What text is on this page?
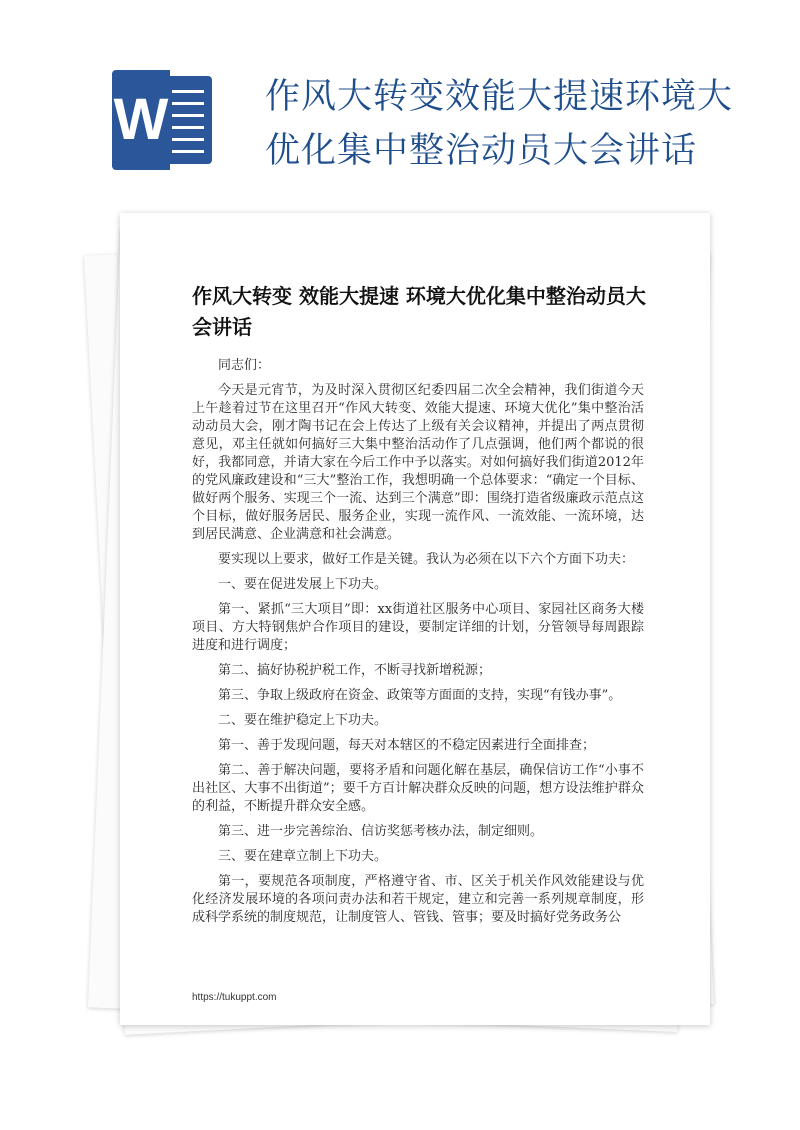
W	作风大转变效能大提速环境大优化集中整治动员大会讲话
作风大转变 效能大提速 环境大优化集中整治动员大会讲话

同志们：

今天是元宵节，为及时深入贯彻区纪委四届二次全会精神，我们街道今天上午趁着过节在这里召开“作风大转变、效能大提速、环境大优化”集中整治活动动员大会，刚才陶书记在会上传达了上级有关会议精神，并提出了两点贯彻意见，邓主任就如何搞好三大集中整治活动作了几点强调，他们两个都说的很好，我都同意，并请大家在今后工作中予以落实。对如何搞好我们街道2012年的党风廉政建设和“三大”整治工作，我想明确一个总体要求：“确定一个目标、做好两个服务、实现三个一流、达到三个满意”即：围绕打造省级廉政示范点这个目标，做好服务居民、服务企业，实现一流作风、一流效能、一流环境，达到居民满意、企业满意和社会满意。

要实现以上要求，做好工作是关键。我认为必须在以下六个方面下功夫：

一、要在促进发展上下功夫。

第一、紧抓“三大项目”即：xx街道社区服务中心项目、家园社区商务大楼项目、方大特钢焦炉合作项目的建设，要制定详细的计划，分管领导每周跟踪进度和进行调度；

第二、搞好协税护税工作，不断寻找新增税源；

第三、争取上级政府在资金、政策等方面面的支持，实现“有钱办事”。

二、要在维护稳定上下功夫。

第一、善于发现问题，每天对本辖区的不稳定因素进行全面排查；

第二、善于解决问题，要将矛盾和问题化解在基层，确保信访工作“小事不出社区、大事不出街道”；要千方百计解决群众反映的问题，想方设法维护群众的利益，不断提升群众安全感。

第三、进一步完善综治、信访奖惩考核办法，制定细则。

三、要在建章立制上下功夫。

第一，要规范各项制度，严格遵守省、市、区关于机关作风效能建设与优化经济发展环境的各项问责办法和若干规定，建立和完善一系列规章制度，形成科学系统的制度规范，让制度管人、管钱、管事；要及时搞好党务政务公

https://tukuppt.com
